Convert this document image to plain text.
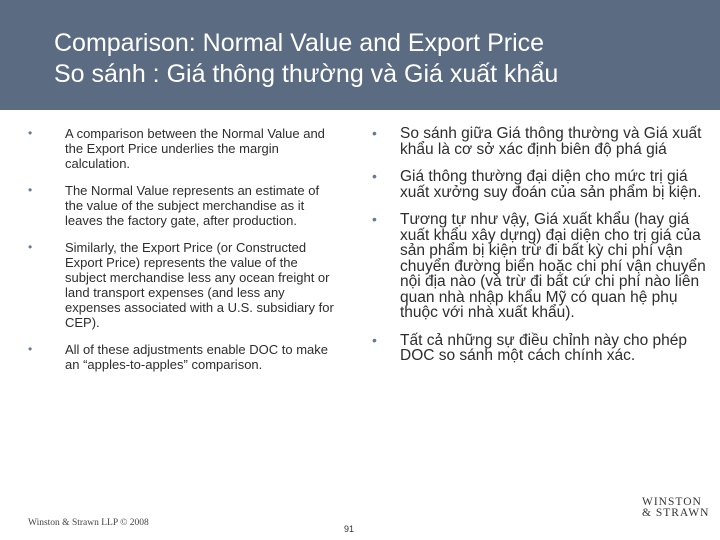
Comparison: Normal Value and Export Price
So sánh : Giá thông thường và Giá xuất khẩu
•	A comparison between the Normal Value and the Export Price underlies the margin calculation.
•	The Normal Value represents an estimate of the value of the subject merchandise as it leaves the factory gate, after production.
•	Similarly, the Export Price (or Constructed Export Price) represents the value of the subject merchandise less any ocean freight or land transport expenses (and less any expenses associated with a U.S. subsidiary for CEP).
•	All of these adjustments enable DOC to make an “apples-to-apples” comparison.
• So sánh giữa Giá thông thường và Giá xuất khẩu là cơ sở xác định biên độ phá giá
• Giá thông thường đại diện cho mức trị giá xuất xưởng suy đoán của sản phẩm bị kiện.
• Tương tự như vậy, Giá xuất khẩu (hay giá xuất khẩu xây dựng) đại diện cho trị giá của sản phẩm bị kiện trừ đi bất kỳ chi phí vận chuyển đường biển hoặc chi phí vận chuyển nội địa nào (và trừ đi bất cứ chi phí nào liên quan nhà nhập khẩu Mỹ có quan hệ phụ thuộc với nhà xuất khẩu).
• Tất cả những sự điều chỉnh này cho phép DOC so sánh một cách chính xác.
Winston & Strawn LLP © 2008
91
WINSTON
& STRAWN
